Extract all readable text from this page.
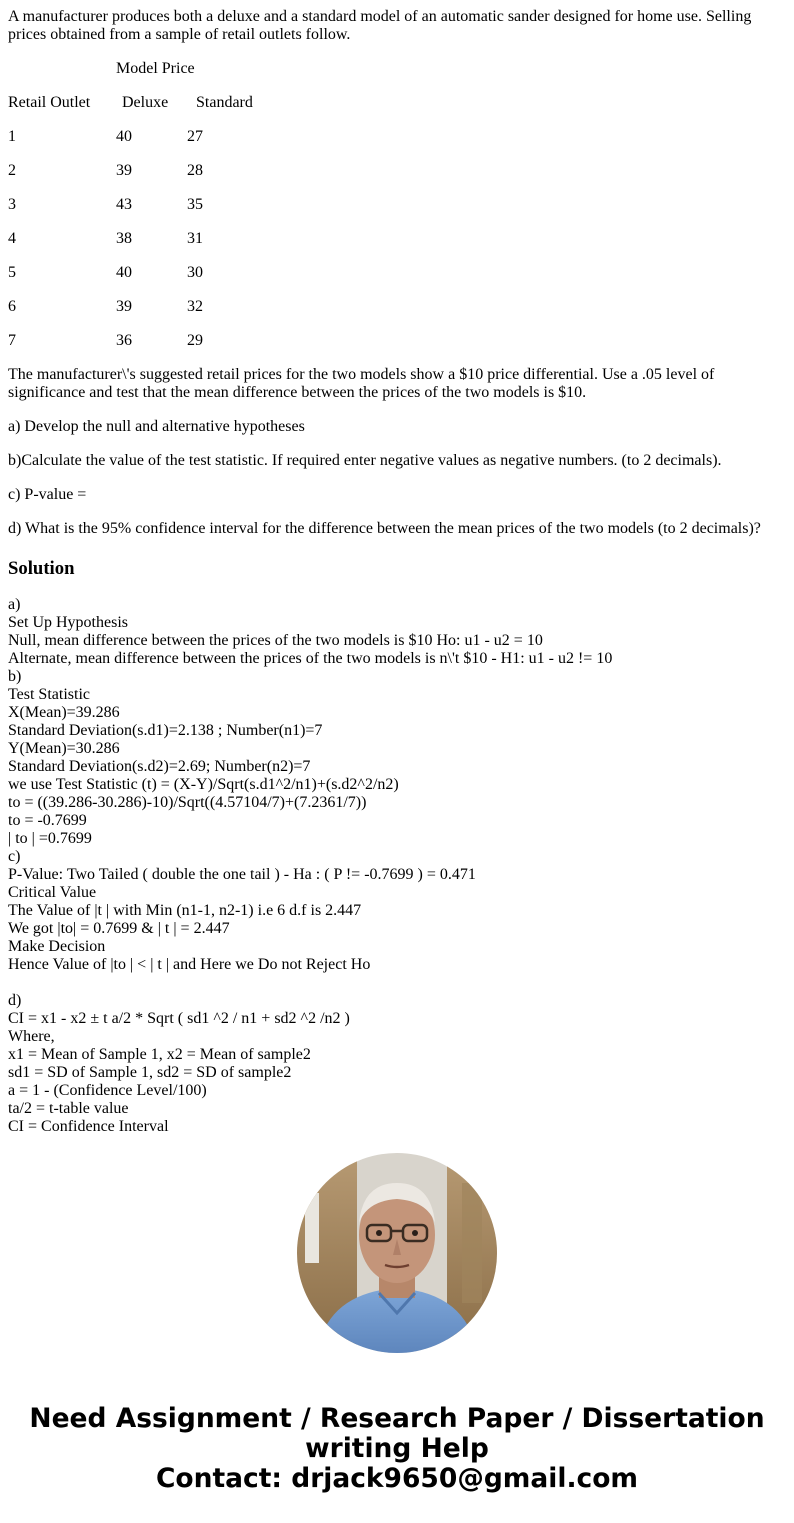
A manufacturer produces both a deluxe and a standard model of an automatic sander designed for home use. Selling prices obtained from a sample of retail outlets follow.

Model Price
Retail Outlet Deluxe Standard
1	40	27
2	39	28
3	43	35
4	38	31
5	40	30
6	39	32
7	36	29

The manufacturer\'s suggested retail prices for the two models show a $10 price differential. Use a .05 level of significance and test that the mean difference between the prices of the two models is $10.

a) Develop the null and alternative hypotheses

b)Calculate the value of the test statistic. If required enter negative values as negative numbers. (to 2 decimals).

c) P-value =

d) What is the 95% confidence interval for the difference between the mean prices of the two models (to 2 decimals)?

Solution
a)
Set Up Hypothesis
Null, mean difference between the prices of the two models is $10 Ho: u1 - u2 = 10
Alternate, mean difference between the prices of the two models is n\'t $10 - H1: u1 - u2 != 10
b)
Test Statistic
X(Mean)=39.286
Standard Deviation(s.d1)=2.138 ; Number(n1)=7
Y(Mean)=30.286
Standard Deviation(s.d2)=2.69; Number(n2)=7
we use Test Statistic (t) = (X-Y)/Sqrt(s.d1^2/n1)+(s.d2^2/n2)
to = ((39.286-30.286)-10)/Sqrt((4.57104/7)+(7.2361/7))
to = -0.7699
| to | =0.7699
c)
P-Value: Two Tailed ( double the one tail ) - Ha : ( P != -0.7699 ) = 0.471
Critical Value
The Value of |t | with Min (n1-1, n2-1) i.e 6 d.f is 2.447
We got |to| = 0.7699 & | t | = 2.447
Make Decision
Hence Value of |to | < | t | and Here we Do not Reject Ho
d)
CI = x1 - x2 ± t a/2 * Sqrt ( sd1 ^2 / n1 + sd2 ^2 /n2 )
Where,
x1 = Mean of Sample 1, x2 = Mean of sample2
sd1 = SD of Sample 1, sd2 = SD of sample2
a = 1 - (Confidence Level/100)
ta/2 = t-table value
CI = Confidence Interval
Need Assignment / Research Paper / Dissertation
writing Help
Contact: drjack9650@gmail.com
